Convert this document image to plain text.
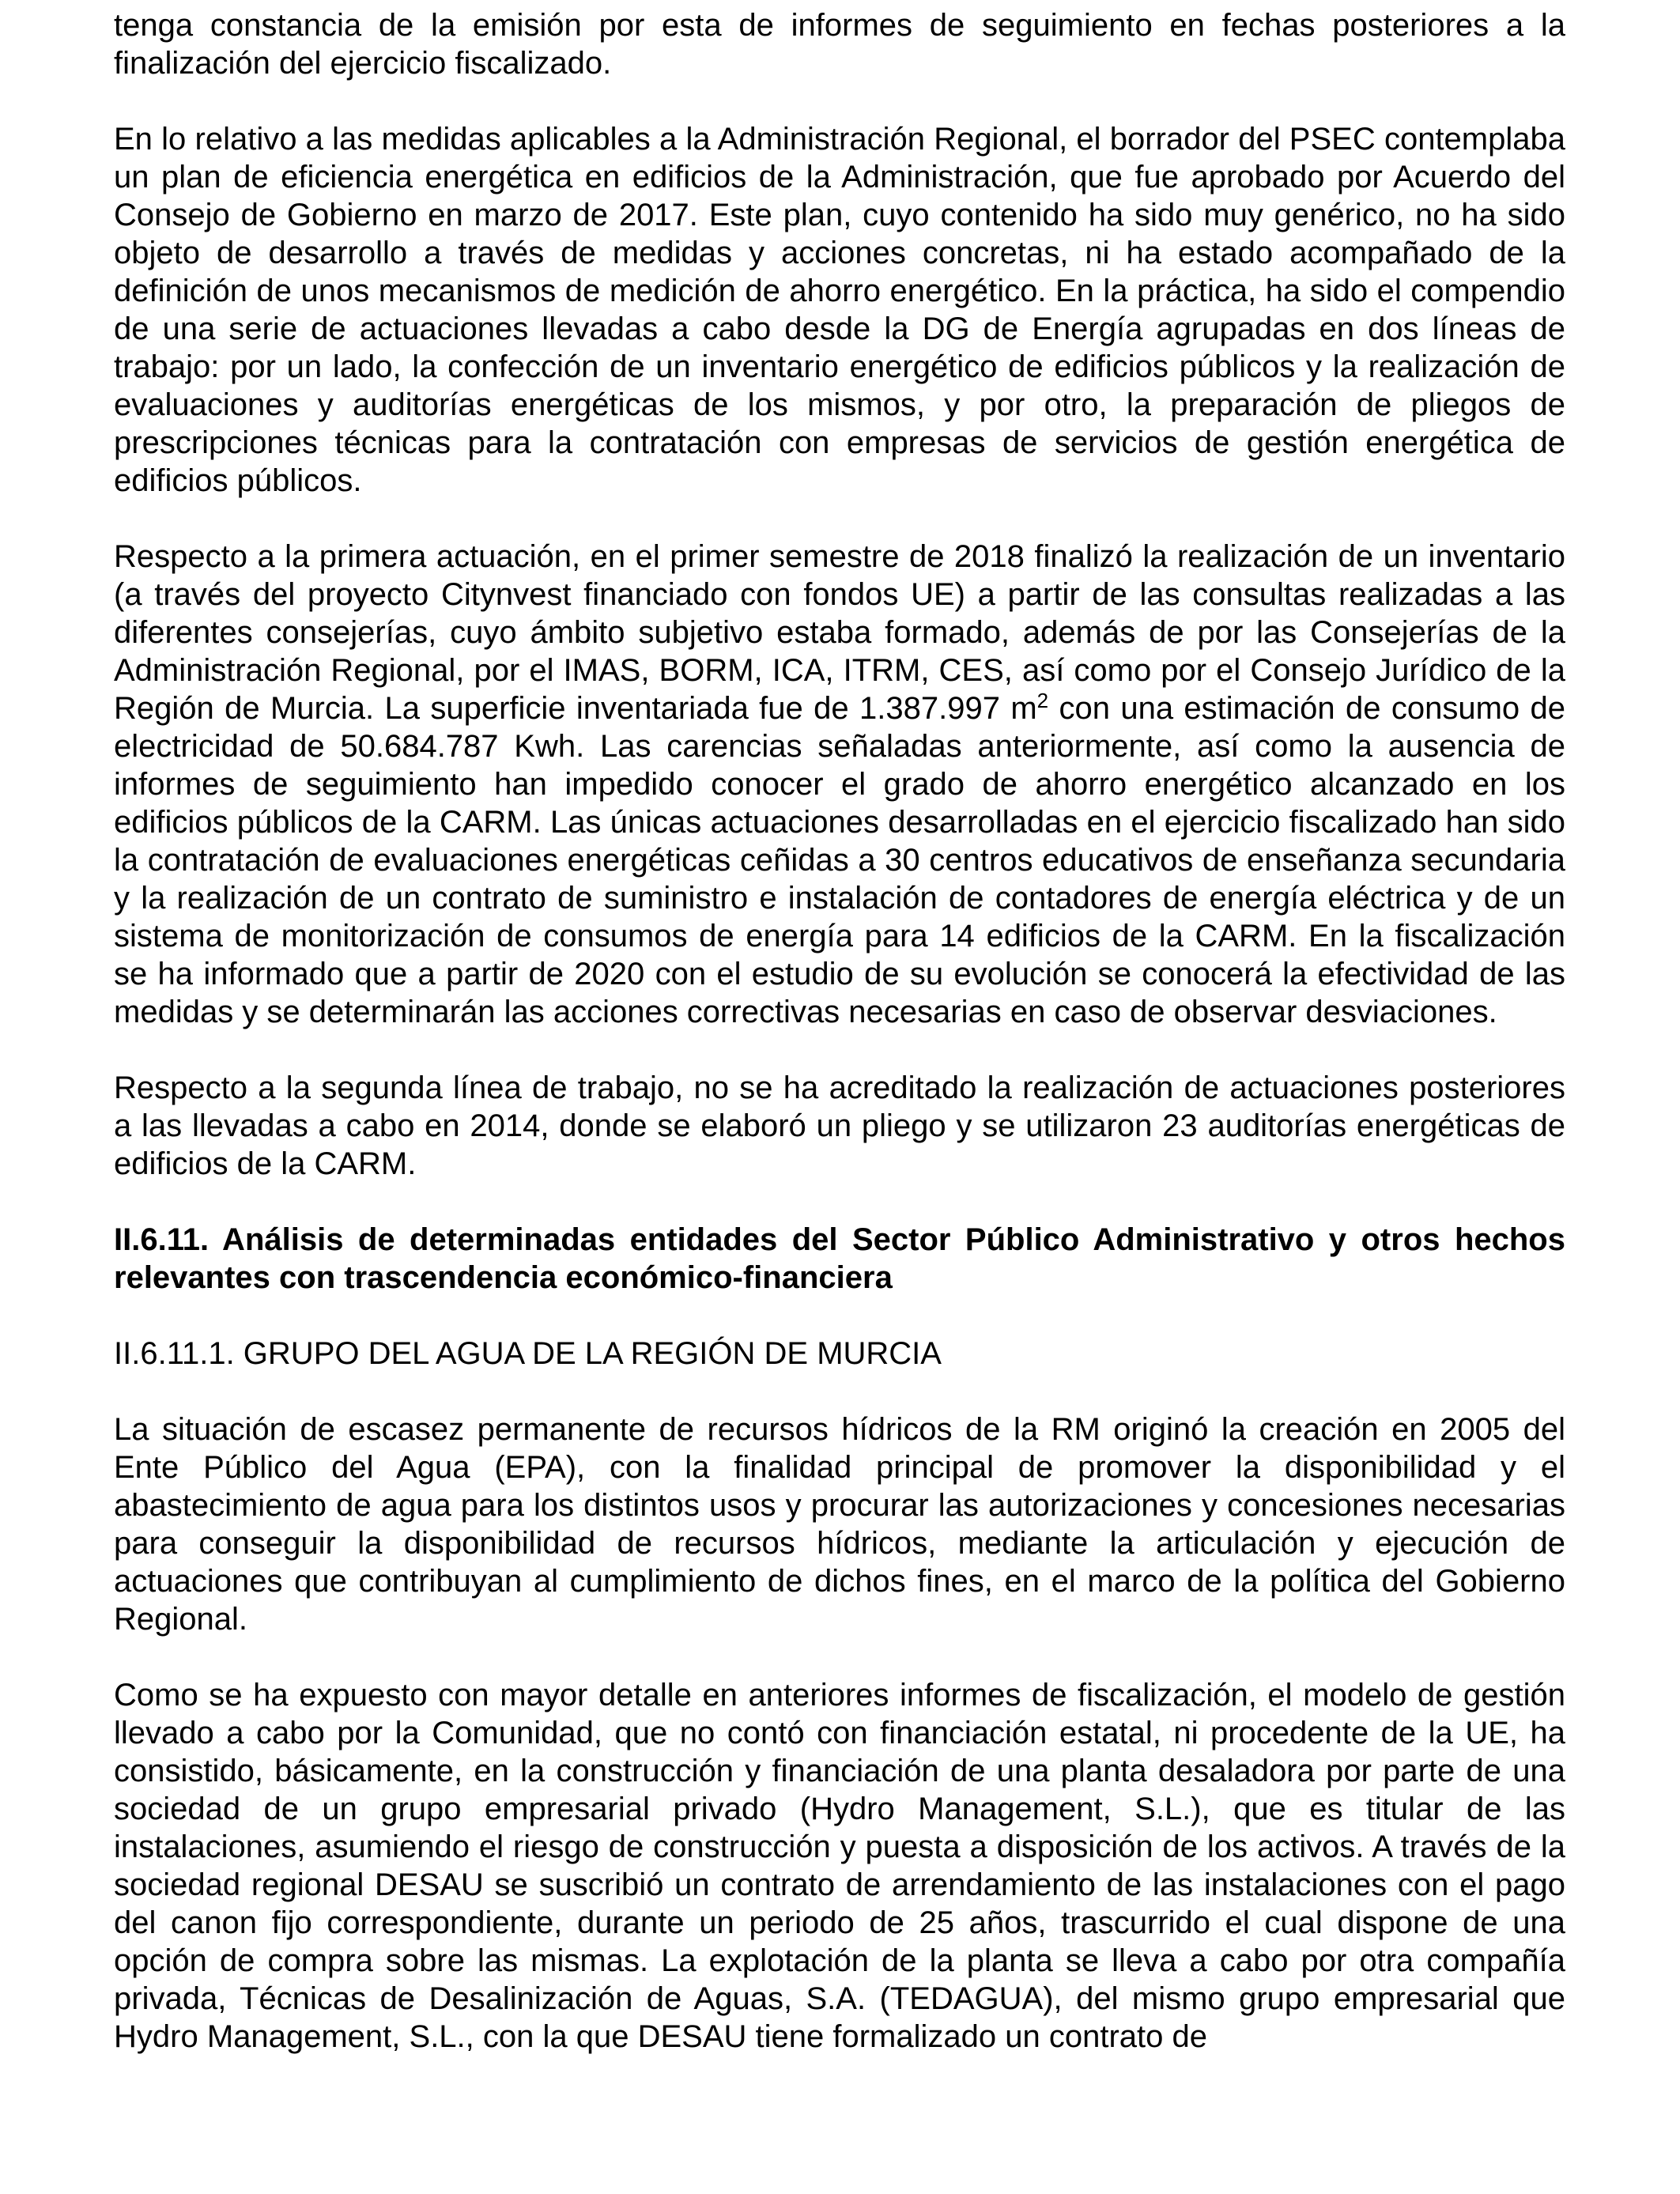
tenga constancia de la emisión por esta de informes de seguimiento en fechas posteriores a la finalización del ejercicio fiscalizado.

En lo relativo a las medidas aplicables a la Administración Regional, el borrador del PSEC contemplaba un plan de eficiencia energética en edificios de la Administración, que fue aprobado por Acuerdo del Consejo de Gobierno en marzo de 2017. Este plan, cuyo contenido ha sido muy genérico, no ha sido objeto de desarrollo a través de medidas y acciones concretas, ni ha estado acompañado de la definición de unos mecanismos de medición de ahorro energético. En la práctica, ha sido el compendio de una serie de actuaciones llevadas a cabo desde la DG de Energía agrupadas en dos líneas de trabajo: por un lado, la confección de un inventario energético de edificios públicos y la realización de evaluaciones y auditorías energéticas de los mismos, y por otro, la preparación de pliegos de prescripciones técnicas para la contratación con empresas de servicios de gestión energética de edificios públicos.

Respecto a la primera actuación, en el primer semestre de 2018 finalizó la realización de un inventario (a través del proyecto Citynvest financiado con fondos UE) a partir de las consultas realizadas a las diferentes consejerías, cuyo ámbito subjetivo estaba formado, además de por las Consejerías de la Administración Regional, por el IMAS, BORM, ICA, ITRM, CES, así como por el Consejo Jurídico de la Región de Murcia. La superficie inventariada fue de 1.387.997 $m^2$ con una estimación de consumo de electricidad de 50.684.787 Kwh. Las carencias señaladas anteriormente, así como la ausencia de informes de seguimiento han impedido conocer el grado de ahorro energético alcanzado en los edificios públicos de la CARM. Las únicas actuaciones desarrolladas en el ejercicio fiscalizado han sido la contratación de evaluaciones energéticas ceñidas a 30 centros educativos de enseñanza secundaria y la realización de un contrato de suministro e instalación de contadores de energía eléctrica y de un sistema de monitorización de consumos de energía para 14 edificios de la CARM. En la fiscalización se ha informado que a partir de 2020 con el estudio de su evolución se conocerá la efectividad de las medidas y se determinarán las acciones correctivas necesarias en caso de observar desviaciones.

Respecto a la segunda línea de trabajo, no se ha acreditado la realización de actuaciones posteriores a las llevadas a cabo en 2014, donde se elaboró un pliego y se utilizaron 23 auditorías energéticas de edificios de la CARM.

II.6.11. Análisis de determinadas entidades del Sector Público Administrativo y otros hechos relevantes con trascendencia económico-financiera

II.6.11.1. GRUPO DEL AGUA DE LA REGIÓN DE MURCIA

La situación de escasez permanente de recursos hídricos de la RM originó la creación en 2005 del Ente Público del Agua (EPA), con la finalidad principal de promover la disponibilidad y el abastecimiento de agua para los distintos usos y procurar las autorizaciones y concesiones necesarias para conseguir la disponibilidad de recursos hídricos, mediante la articulación y ejecución de actuaciones que contribuyan al cumplimiento de dichos fines, en el marco de la política del Gobierno Regional.

Como se ha expuesto con mayor detalle en anteriores informes de fiscalización, el modelo de gestión llevado a cabo por la Comunidad, que no contó con financiación estatal, ni procedente de la UE, ha consistido, básicamente, en la construcción y financiación de una planta desaladora por parte de una sociedad de un grupo empresarial privado (Hydro Management, S.L.), que es titular de las instalaciones, asumiendo el riesgo de construcción y puesta a disposición de los activos. A través de la sociedad regional DESAU se suscribió un contrato de arrendamiento de las instalaciones con el pago del canon fijo correspondiente, durante un periodo de 25 años, trascurrido el cual dispone de una opción de compra sobre las mismas. La explotación de la planta se lleva a cabo por otra compañía privada, Técnicas de Desalinización de Aguas, S.A. (TEDAGUA), del mismo grupo empresarial que Hydro Management, S.L., con la que DESAU tiene formalizado un contrato de
